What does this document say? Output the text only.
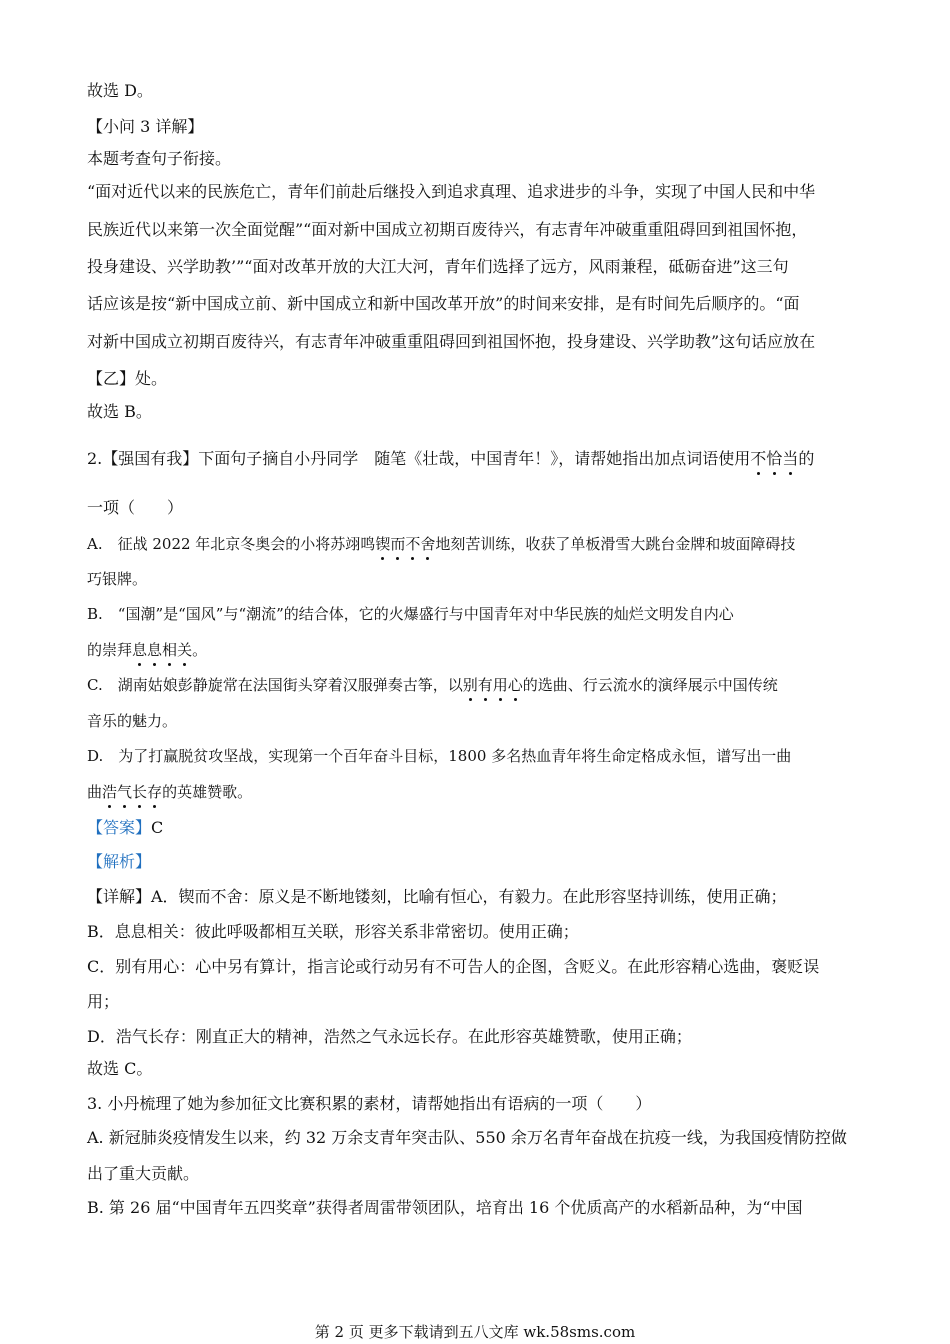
故选 D。
【小问 3 详解】
本题考查句子衔接。
“面对近代以来的民族危亡，青年们前赴后继投入到追求真理、追求进步的斗争，实现了中国人民和中华
民族近代以来第一次全面觉醒”“面对新中国成立初期百废待兴，有志青年冲破重重阻碍回到祖国怀抱，
投身建设、兴学助教’”“面对改革开放的大江大河，青年们选择了远方，风雨兼程，砥砺奋进”这三句
话应该是按“新中国成立前、新中国成立和新中国改革开放”的时间来安排，是有时间先后顺序的。“面
对新中国成立初期百废待兴，有志青年冲破重重阻碍回到祖国怀抱，投身建设、兴学助教”这句话应放在
【乙】处。
故选 B。
2.【强国有我】下面句子摘自小丹同学　随笔《壮哉，中国青年！》，请帮她指出加点词语使用不恰当的
一项（　　）
A.　征战 2022 年北京冬奥会的小将苏翊鸣锲而不舍地刻苦训练，收获了单板滑雪大跳台金牌和坡面障碍技
巧银牌。
B.　“国潮”是“国风”与“潮流”的结合体，它的火爆盛行与中国青年对中华民族的灿烂文明发自内心
的崇拜息息相关。
C.　湖南姑娘彭静旋常在法国街头穿着汉服弹奏古筝，以别有用心的选曲、行云流水的演绎展示中国传统
音乐的魅力。
D.　为了打赢脱贫攻坚战，实现第一个百年奋斗目标，1800 多名热血青年将生命定格成永恒，谱写出一曲
曲浩气长存的英雄赞歌。
【答案】C
【解析】
【详解】A．锲而不舍：原义是不断地镂刻，比喻有恒心，有毅力。在此形容坚持训练，使用正确；
B．息息相关：彼此呼吸都相互关联，形容关系非常密切。使用正确；
C．别有用心：心中另有算计，指言论或行动另有不可告人的企图，含贬义。在此形容精心选曲，褒贬误
用；
D．浩气长存：刚直正大的精神，浩然之气永远长存。在此形容英雄赞歌，使用正确；
故选 C。
3. 小丹梳理了她为参加征文比赛积累的素材，请帮她指出有语病的一项（　　）
A. 新冠肺炎疫情发生以来，约 32 万余支青年突击队、550 余万名青年奋战在抗疫一线，为我国疫情防控做
出了重大贡献。
B. 第 26 届“中国青年五四奖章”获得者周雷带领团队，培育出 16 个优质高产的水稻新品种，为“中国
第 2 页 更多下载请到五八文库 wk.58sms.com
